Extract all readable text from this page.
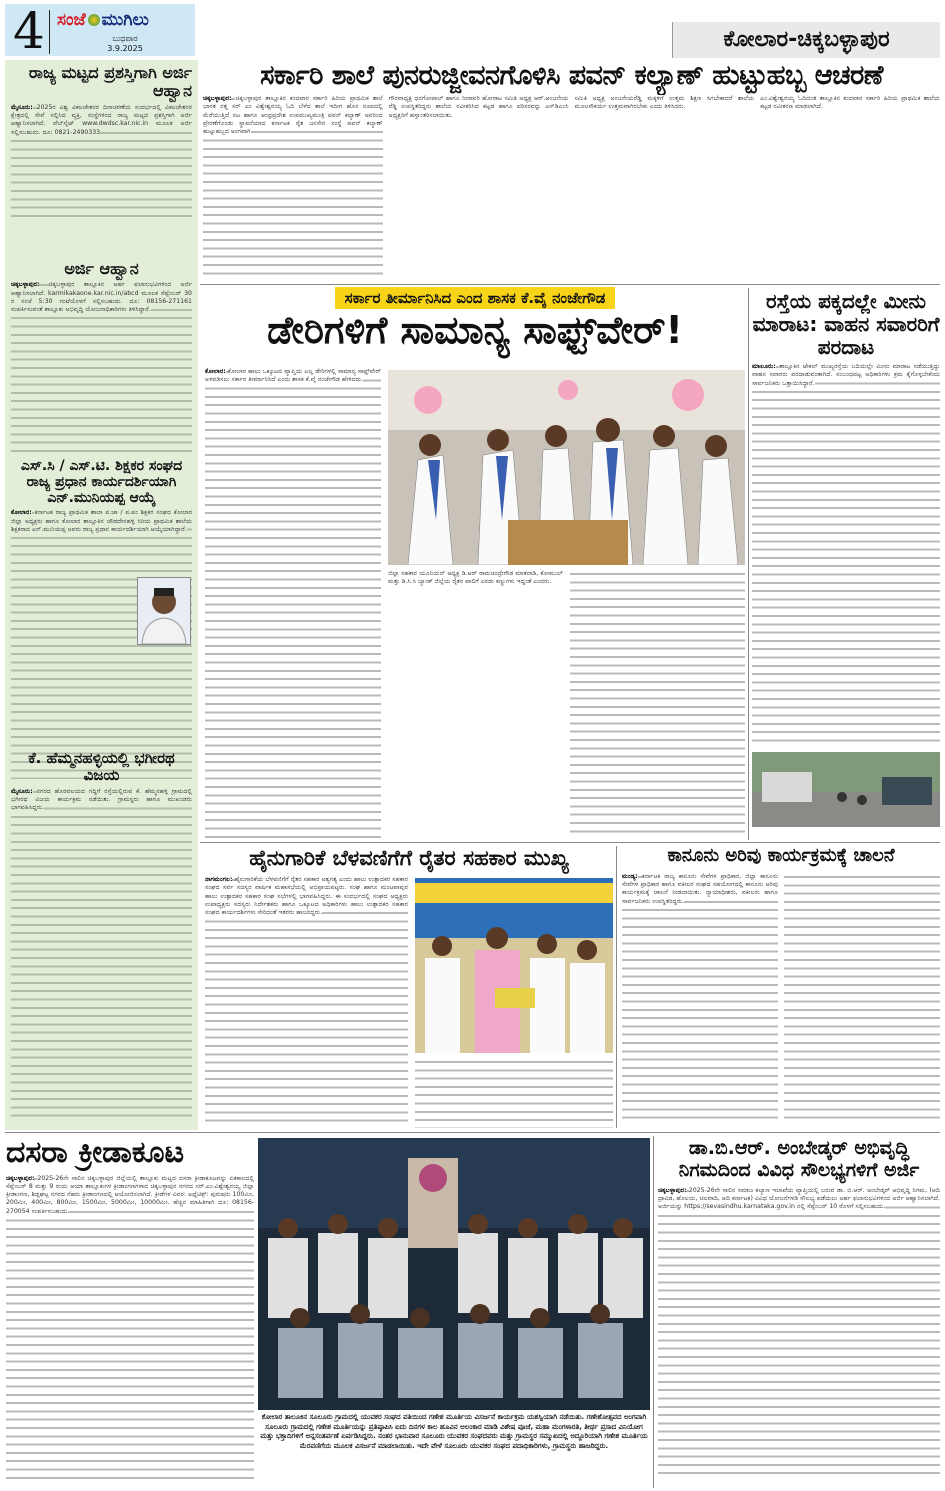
4 ಸಂಜೆ ಮುಗಿಲು
ಬುಧವಾರ
3.9.2025	ಕೋಲಾರ-ಚಿಕ್ಕಬಳ್ಳಾಪುರ
ರಾಜ್ಯ ಮಟ್ಟದ ಪ್ರಶಸ್ತಿಗಾಗಿ ಅರ್ಜಿ ಆಹ್ವಾನ
ಮೈಸೂರು: 2025ರ ವಿಶ್ವ ವಿಕಲಚೇತನರ ದಿನಾಚರಣೆಯ ಸಂದರ್ಭದಲ್ಲಿ ವಿಕಲಚೇತನರ ಕ್ಷೇತ್ರದಲ್ಲಿ ಸೇವೆ ಸಲ್ಲಿಸಿದ ವ್ಯಕ್ತಿ, ಸಂಸ್ಥೆಗಳಿಂದ ರಾಜ್ಯ ಮಟ್ಟದ ಪ್ರಶಸ್ತಿಗಾಗಿ ಅರ್ಜಿ ಆಹ್ವಾನಿಸಲಾಗಿದೆ. ವೆಬ್‌ಸೈಟ್ www.dwdsc.kar.nic.in ಮೂಲಕ ಅರ್ಜಿ ಸಲ್ಲಿಸಬಹುದು. ದೂ: 0821-2490333
ಅರ್ಜಿ ಆಹ್ವಾನ
ಚಿಕ್ಕಬಳ್ಳಾಪುರ: ಚಿಕ್ಕಬಳ್ಳಾಪುರ ತಾಲ್ಲೂಕಿನ ಅರ್ಹ ಫಲಾನುಭವಿಗಳಿಂದ ಅರ್ಜಿ ಆಹ್ವಾನಿಸಲಾಗಿದೆ. karmikakaone.kar.nic.in/abcd ಮೂಲಕ ಸೆಪ್ಟೆಂಬರ್ 30 ರ ಸಂಜೆ 5:30 ಗಂಟೆಯೊಳಗೆ ಸಲ್ಲಿಸಬಹುದು. ದೂ: 08156-271161 ಸಂಪರ್ಕಿಸುವಂತೆ ತಾಲ್ಲೂಕು ಅಭಿವೃದ್ಧಿ ಯೋಜನಾಧಿಕಾರಿಗಳು ತಿಳಿಸಿದ್ದಾರೆ.
ಎಸ್.ಸಿ / ಎಸ್.ಟಿ. ಶಿಕ್ಷಕರ ಸಂಘದ ರಾಜ್ಯ ಪ್ರಧಾನ ಕಾರ್ಯದರ್ಶಿಯಾಗಿ ಎನ್.ಮುನಿಯಪ್ಪ ಆಯ್ಕೆ
ಕೋಲಾರ: ಕರ್ನಾಟಕ ರಾಜ್ಯ ಪ್ರಾಥಮಿಕ ಶಾಲಾ ಪ.ಜಾ / ಪ.ಪಂ ಶಿಕ್ಷಕರ ಸಂಘದ ಕೋಲಾರ ಜಿಲ್ಲಾ ಅಧ್ಯಕ್ಷರು ಹಾಗೂ ಕೋಲಾರ ತಾಲ್ಲೂಕಿನ ಚೌಡದೇನಹಳ್ಳಿ ಸಿರಿಯ ಪ್ರಾಥಮಿಕ ಶಾಲೆಯ ಶಿಕ್ಷಕರಾದ ಎನ್.ಮುನಿಯಪ್ಪ ಅವರು ರಾಜ್ಯ ಪ್ರಧಾನ ಕಾರ್ಯದರ್ಶಿಯಾಗಿ ಆಯ್ಕೆಯಾಗಿದ್ದಾರೆ.
ಕೆ. ಹೆಮ್ಮನಹಳ್ಳಿಯಲ್ಲಿ ಭಗೀರಥ ವಿಜಯ
ಮೈಸೂರು: ನಗರದ ಹೊರವಲಯದ ಗದ್ದಿಗೆ ರಸ್ತೆಯಲ್ಲಿರುವ ಕೆ. ಹೆಮ್ಮನಹಳ್ಳಿ ಗ್ರಾಮದಲ್ಲಿ ಭಗೀರಥ ವಿಜಯ ಕಾರ್ಯಕ್ರಮ ನಡೆಯಿತು. ಗ್ರಾಮಸ್ಥರು ಹಾಗೂ ಮುಖಂಡರು ಭಾಗವಹಿಸಿದ್ದರು.
ಸರ್ಕಾರಿ ಶಾಲೆ ಪುನರುಜ್ಜೀವನಗೊಳಿಸಿ ಪವನ್ ಕಲ್ಯಾಣ್ ಹುಟ್ಟುಹಬ್ಬ ಆಚರಣೆ
ಚಿಕ್ಕಬಳ್ಳಾಪುರ: ಚಿಕ್ಕಬಳ್ಳಾಪುರ ತಾಲ್ಲೂಕಿನ ಕಂದವಾರ ಸರ್ಕಾರಿ ಹಿರಿಯ ಪ್ರಾಥಮಿಕ ಶಾಲೆ ಭಾರತ ರತ್ನ ಸರ್ ಎಂ ವಿಶ್ವೇಶ್ವರಯ್ಯ ಓದಿ ಬೆಳೆದ ಶಾಲೆ ಇದೀಗ ಹೊಸ ರೂಪದಲ್ಲಿ ಮೆರೆಯುತ್ತಿದೆ ನಟ ಹಾಗೂ ಆಂಧ್ರಪ್ರದೇಶ ಉಪಮುಖ್ಯಮಂತ್ರಿ ಪವನ್ ಕಲ್ಯಾಣ್ ಅವರಿಂದ ಪ್ರೇರಣೆಗೊಂಡು ಸ್ಥಾಪನೆಯಾದ ಕರ್ನಾಟಕ ರೈತ ಜನಸೇನ ಸಂಸ್ಥೆ ಪವನ್ ಕಲ್ಯಾಣ್ ಹುಟ್ಟುಹಬ್ಬದ ಅಂಗವಾಗಿ
ಗೌರವಾಧ್ಯಕ್ಷ ಧನಗೋಪಾಲ್ ಹಾಗೂ ನೀರಾವರಿ ಹೋರಾಟ ಸಮಿತಿ ಅಧ್ಯಕ್ಷ ಆರ್.ಆಂಜನೇಯ ರೆಡ್ಡಿ ಉಪಸ್ಥಿತರಿದ್ದರು ಶಾಲೆಯ ನವೀಕರಿಸಿದ ಕಟ್ಟಡ ಹಾಗೂ ಪರಿಸರವನ್ನು ಎಸ್‌ಡಿಎಂಸಿ ಅಧ್ಯಕ್ಷರಿಗೆ ಹಸ್ತಾಂತರಿಸಲಾಯಿತು.
ಸಮಿತಿ ಅಧ್ಯಕ್ಷ ಅಂಜನೇಯರೆಡ್ಡಿ ಮಕ್ಕಳಿಗೆ ಉತ್ತಮ ಶಿಕ್ಷಣ ಸಿಗಬೇಕಾದರೆ ಶಾಲೆಯ ಮೂಲಸೌಕರ್ಯ ಉತ್ತಮವಾಗಿರಬೇಕು ಎಂದು ತಿಳಿಸಿದರು.
ಎಂ.ವಿಶ್ವೇಶ್ವರಯ್ಯ ಓದಿದಂತ ತಾಲ್ಲೂಕಿನ ಕಂದವಾರ ಸರ್ಕಾರಿ ಹಿರಿಯ ಪ್ರಾಥಮಿಕ ಶಾಲೆಯ ಕಟ್ಟಡ ನವೀಕರಣ ಮಾಡಲಾಗಿದೆ.
ಸರ್ಕಾರ ತೀರ್ಮಾನಿಸಿದ ಎಂದ ಶಾಸಕ ಕೆ.ವೈ ನಂಜೇಗೌಡ
ಡೇರಿಗಳಿಗೆ ಸಾಮಾನ್ಯ ಸಾಫ್ಟ್‌ವೇರ್!
ಕೋಲಾರ: ಕೋಲಾರ ಹಾಲು ಒಕ್ಕೂಟದ ವ್ಯಾಪ್ತಿಯ ಎಲ್ಲ ಡೇರಿಗಳಲ್ಲಿ ಸಾಮಾನ್ಯ ಸಾಫ್ಟ್‌ವೇರ್ ಅಳವಡಿಸಲು ಸರ್ಕಾರ ತೀರ್ಮಾನಿಸಿದೆ ಎಂದು ಶಾಸಕ ಕೆ.ವೈ ನಂಜೇಗೌಡ ಹೇಳಿದರು.
ಜಿಲ್ಲಾ ಸಹಕಾರ ಯೂನಿಯನ್ ಅಧ್ಯಕ್ಷ ಡಿ.ಆರ್ ರಾಮಚಂದ್ರೇಗೌಡ ಮಾತನಾಡಿ, ಕೋಮುಲ್ ಮತ್ತು ಡಿ.ಸಿ.ಸಿ ಬ್ಯಾಂಕ್ ಜಿಲ್ಲೆಯ ರೈತರ ಪಾಲಿಗೆ ಎರಡು ಕಣ್ಣುಗಳು ಇದ್ದಂತೆ ಎಂದರು.
ರಸ್ತೆಯ ಪಕ್ಕದಲ್ಲೇ ಮೀನು ಮಾರಾಟ: ವಾಹನ ಸವಾರರಿಗೆ ಪರದಾಟ
ಮಾಲೂರು: ತಾಲ್ಲೂಕಿನ ಟೇಕಲ್ ಮುಖ್ಯರಸ್ತೆಯ ಬದಿಯಲ್ಲೇ ಮೀನು ಮಾರಾಟ ನಡೆಯುತ್ತಿದ್ದು ವಾಹನ ಸವಾರರು ಪರದಾಡುವಂತಾಗಿದೆ. ಸಂಬಂಧಪಟ್ಟ ಅಧಿಕಾರಿಗಳು ಕ್ರಮ ಕೈಗೊಳ್ಳಬೇಕೆಂದು ಸಾರ್ವಜನಿಕರು ಒತ್ತಾಯಿಸಿದ್ದಾರೆ.
ಹೈನುಗಾರಿಕೆ ಬೆಳವಣಿಗೆಗೆ ರೈತರ ಸಹಕಾರ ಮುಖ್ಯ
ನಾಗಮಂಗಲ: ಹೈನುಗಾರಿಕೆಯ ಬೆಳವಣಿಗೆಗೆ ರೈತರ ಸಹಕಾರ ಅತ್ಯಗತ್ಯ ಎಂದು ಹಾಲು ಉತ್ಪಾದಕರ ಸಹಕಾರ ಸಂಘದ ಸರ್ವ ಸದಸ್ಯರ ವಾರ್ಷಿಕ ಮಹಾಸಭೆಯಲ್ಲಿ ಅಭಿಪ್ರಾಯಪಟ್ಟರು. ಸಂಘ ಹಾಗೂ ಮಂಟಪಾಪುರ ಹಾಲು ಉತ್ಪಾದಕರ ಸಹಕಾರ ಸಂಘ ಸಭೆಗಳಲ್ಲಿ ಭಾಗವಹಿಸಿದ್ದರು. ಈ ಸಂದರ್ಭದಲ್ಲಿ ಸಂಘದ ಅಧ್ಯಕ್ಷರು ಉಪಾಧ್ಯಕ್ಷರು ಸದಸ್ಯರು ನಿರ್ದೇಶಕರು ಹಾಗೂ ಒಕ್ಕೂಟದ ಅಧಿಕಾರಿಗಳು ಹಾಲು ಉತ್ಪಾದಕರ ಸಹಕಾರ ಸಂಘದ ಕಾರ್ಯದರ್ಶಿಗಳು ಸೇರಿದಂತೆ ಇತರರು ಹಾಜರಿದ್ದರು.
ಕಾನೂನು ಅರಿವು ಕಾರ್ಯಕ್ರಮಕ್ಕೆ ಚಾಲನೆ
ಮಂಡ್ಯ: ಕರ್ನಾಟಕ ರಾಜ್ಯ ಕಾನೂನು ಸೇವೆಗಳ ಪ್ರಾಧಿಕಾರ, ಜಿಲ್ಲಾ ಕಾನೂನು ಸೇವೆಗಳ ಪ್ರಾಧಿಕಾರ ಹಾಗೂ ವಕೀಲರ ಸಂಘದ ಸಹಯೋಗದಲ್ಲಿ ಕಾನೂನು ಅರಿವು ಕಾರ್ಯಕ್ರಮಕ್ಕೆ ಚಾಲನೆ ನೀಡಲಾಯಿತು. ನ್ಯಾಯಾಧೀಶರು, ವಕೀಲರು ಹಾಗೂ ಸಾರ್ವಜನಿಕರು ಉಪಸ್ಥಿತರಿದ್ದರು.
ದಸರಾ ಕ್ರೀಡಾಕೂಟ
ಚಿಕ್ಕಬಳ್ಳಾಪುರ: 2025-26ನೇ ಸಾಲಿನ ಚಿಕ್ಕಬಳ್ಳಾಪುರ ಜಿಲ್ಲೆಯಲ್ಲಿ ತಾಲ್ಲೂಕು ಮಟ್ಟದ ದಸರಾ ಕ್ರೀಡಾಕೂಟವನ್ನು ಏಕಕಾಲದಲ್ಲಿ ಸೆಪ್ಟೆಂಬರ್ 8 ಮತ್ತು 9 ರಂದು ಆಯಾ ತಾಲ್ಲೂಕುಗಳ ಕ್ರೀಡಾಂಗಣಗಳಾದ ಚಿಕ್ಕಬಳ್ಳಾಪುರ ನಗರದ ಸರ್.ಎಂ.ವಿಶ್ವೇಶ್ವರಯ್ಯ ಜಿಲ್ಲಾ ಕ್ರೀಡಾಂಗಣ, ಶಿಡ್ಲಘಟ್ಟ ನಗರದ ನೆಹರು ಕ್ರೀಡಾಂಗಣದಲ್ಲಿ ಆಯೋಜಿಸಲಾಗಿದೆ. ಕ್ರೀಡೆಗಳ ವಿವರ: ಅಥ್ಲೆಟಿಕ್ಸ್: ಪುರುಷರು 100ಮೀ, 200ಮೀ, 400ಮೀ, 800ಮೀ, 1500ಮೀ, 5000ಮೀ, 10000ಮೀ. ಹೆಚ್ಚಿನ ಮಾಹಿತಿಗಾಗಿ ದೂ: 08156-270054 ಸಂಪರ್ಕಿಸಬಹುದು.
ಕೋಲಾರ ತಾಲೂಕಿನ ಸೂಲೂರು ಗ್ರಾಮದಲ್ಲಿ ಯುವಕರ ಸಂಘದ ವತಿಯಿಂದ ಗಣೇಶ ಮೂರ್ತಿಯ ವಿಸರ್ಜನೆ ಕಾರ್ಯಕ್ರಮ ಯಶಸ್ವಿಯಾಗಿ ನಡೆಯಿತು. ಗಣೇಶೋತ್ಸವದ ಅಂಗವಾಗಿ ಸೂಲೂರು ಗ್ರಾಮದಲ್ಲಿ ಗಣೇಶ ಮೂರ್ತಿಯನ್ನು ಪ್ರತಿಷ್ಠಾಪಿಸಿ ಐದು ದಿನಗಳ ಕಾಲ ಹೂವಿನ ಅಲಂಕಾರ ಮಾಡಿ ವಿಶೇಷ ಪೂಜೆ, ಮಹಾ ಮಂಗಳಾರತಿ, ತೀರ್ಥ ಪ್ರಸಾದ ವಿನಿಯೋಗ ಮತ್ತು ಭಕ್ತಾದಿಗಳಿಗೆ ಅನ್ನಸಂತರ್ಪಣೆ ಏರ್ಪಡಿಸಿದ್ದರು. ನಂತರ ಭಾನುವಾರ ಸೂಲೂರು ಯುವಕರ ಸಂಘದವರು ಮತ್ತು ಗ್ರಾಮಸ್ಥರ ಸಮ್ಮುಖದಲ್ಲಿ ಅದ್ದೂರಿಯಾಗಿ ಗಣೇಶ ಮೂರ್ತಿಯ ಮೆರವಣಿಗೆಯ ಮೂಲಕ ವಿಸರ್ಜನೆ ಮಾಡಲಾಯಿತು. ಇದೇ ವೇಳೆ ಸೂಲೂರು ಯುವಕರ ಸಂಘದ ಪದಾಧಿಕಾರಿಗಳು, ಗ್ರಾಮಸ್ಥರು ಹಾಜರಿದ್ದರು.
ಡಾ.ಬಿ.ಆರ್. ಅಂಬೇಡ್ಕರ್ ಅಭಿವೃದ್ಧಿ ನಿಗಮದಿಂದ ವಿವಿಧ ಸೌಲಭ್ಯಗಳಿಗೆ ಅರ್ಜಿ
ಚಿಕ್ಕಬಳ್ಳಾಪುರ: 2025-26ನೇ ಸಾಲಿನ ಸಮಾಜ ಕಲ್ಯಾಣ ಇಲಾಖೆಯ ವ್ಯಾಪ್ತಿಯಲ್ಲಿ ಬರುವ ಡಾ. ಬಿ.ಆರ್. ಅಂಬೇಡ್ಕರ್ ಅಭಿವೃದ್ಧಿ ನಿಗಮ, (ಆದಿ ದ್ರಾವಿಡ, ಹೊಲಯ, ಚಲವಾದಿ, ಆದಿ ಕರ್ನಾಟಕ) ವಿವಿಧ ಯೋಜನೆಗಳಡಿ ಸೌಲಭ್ಯ ಪಡೆಯಲು ಅರ್ಹ ಫಲಾನುಭವಿಗಳಿಂದ ಅರ್ಜಿ ಆಹ್ವಾನಿಸಲಾಗಿದೆ. ಅರ್ಜಿಯನ್ನು https://sevasindhu.karnataka.gov.in ನಲ್ಲಿ ಸೆಪ್ಟೆಂಬರ್ 10 ರೊಳಗೆ ಸಲ್ಲಿಸಬಹುದು.
